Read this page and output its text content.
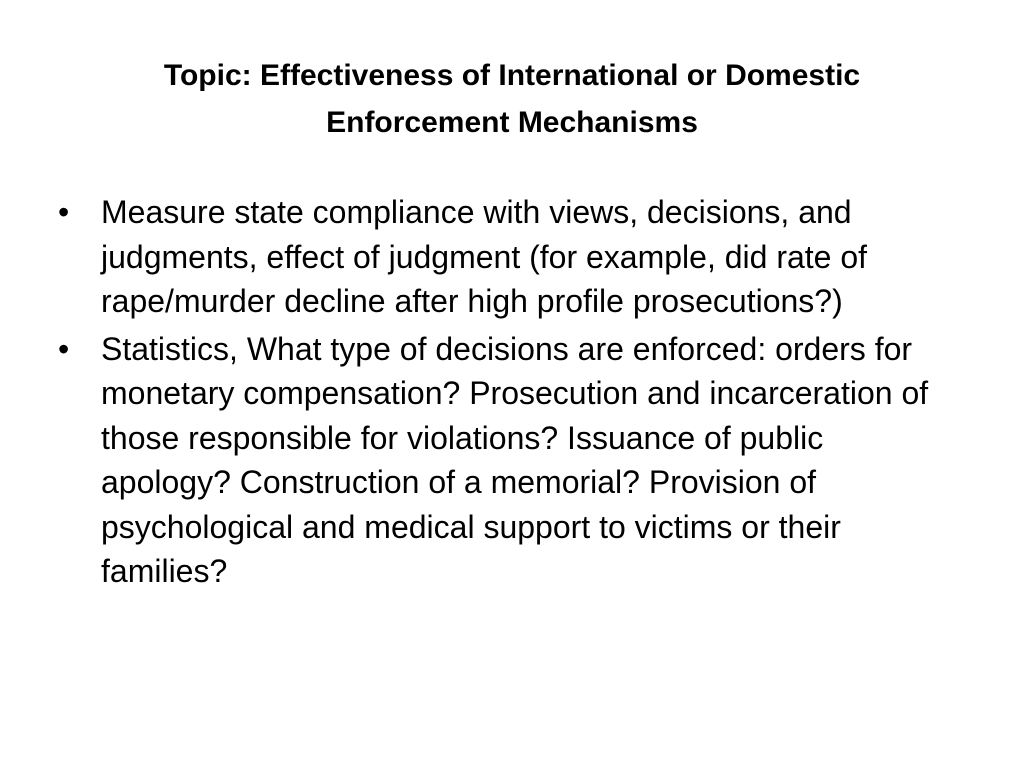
Topic: Effectiveness of International or Domestic
Enforcement Mechanisms
• Measure state compliance with views, decisions, and judgments, effect of judgment (for example, did rate of rape/murder decline after high profile prosecutions?)
• Statistics, What type of decisions are enforced: orders for monetary compensation? Prosecution and incarceration of those responsible for violations? Issuance of public apology? Construction of a memorial? Provision of psychological and medical support to victims or their families?
